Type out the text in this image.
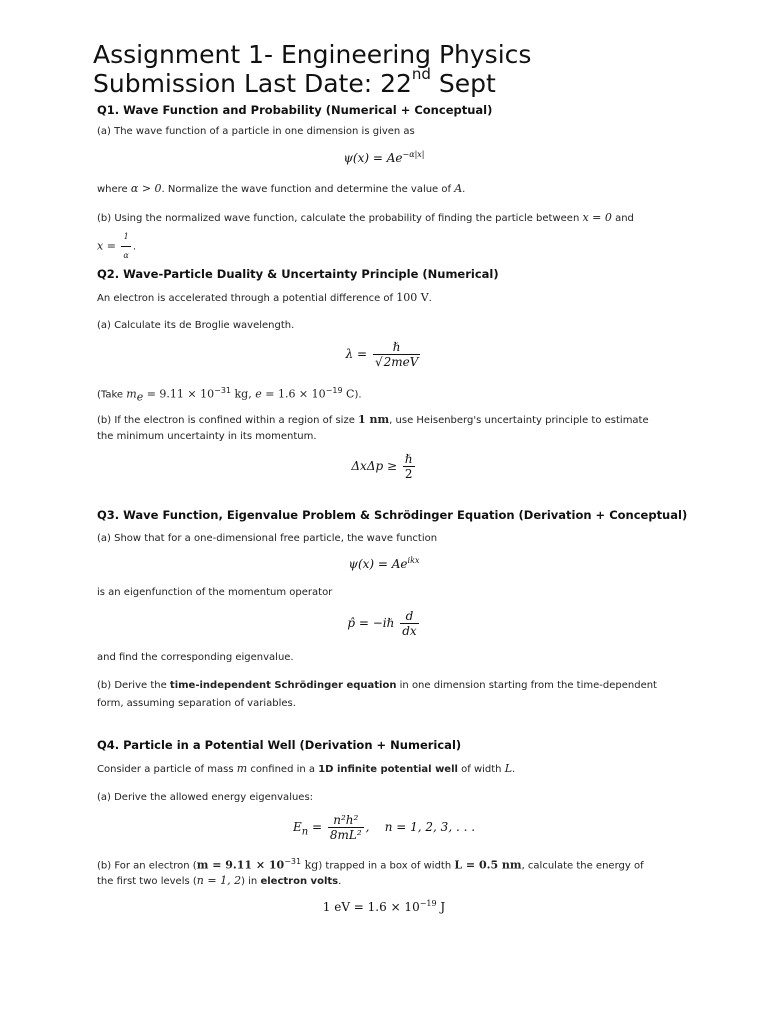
Assignment 1- Engineering Physics
Submission Last Date: 22nd Sept
Q1. Wave Function and Probability (Numerical + Conceptual)
(a) The wave function of a particle in one dimension is given as
$\psi(x) = Ae^{-\alpha|x|}$
where α > 0. Normalize the wave function and determine the value of A.
(b) Using the normalized wave function, calculate the probability of finding the particle between x = 0 and
$x = \frac{1}{\alpha}$ .
Q2. Wave-Particle Duality & Uncertainty Principle (Numerical)
An electron is accelerated through a potential difference of 100 V.
(a) Calculate its de Broglie wavelength.
$\lambda = \frac{\text{ℏ}}{\text{√2meV}}$
(Take $m_e = 9.11 \times 10^{-31}$ kg, $e = 1.6 \times 10^{-19}$ C).
(b) If the electron is confined within a region of size 1 nm, use Heisenberg's uncertainty principle to estimate
the minimum uncertainty in its momentum.
$\Delta x\Delta p \ge \frac{\text{ℏ}}{2}$
Q3. Wave Function, Eigenvalue Problem & Schrödinger Equation (Derivation + Conceptual)
(a) Show that for a one-dimensional free particle, the wave function
$\psi(x) = Ae^{ikx}$
is an eigenfunction of the momentum operator
p̂ = −iℏ $\frac{d}{dx}$
and find the corresponding eigenvalue.
(b) Derive the time-independent Schrödinger equation in one dimension starting from the time-dependent
form, assuming separation of variables.
Q4. Particle in a Potential Well (Derivation + Numerical)
Consider a particle of mass m confined in a 1D infinite potential well of width L.
(a) Derive the allowed energy eigenvalues:
$E_n = \frac{\text{n²h²}}{\text{8mL²}}$ ,    n = 1, 2, 3, . . .
(b) For an electron ($m = 9.11 \times 10^{-31}$ kg) trapped in a box of width L = 0.5 nm, calculate the energy of
the first two levels (n = 1, 2) in electron volts.
1 eV = $1.6 \times 10^{-19}$ J
